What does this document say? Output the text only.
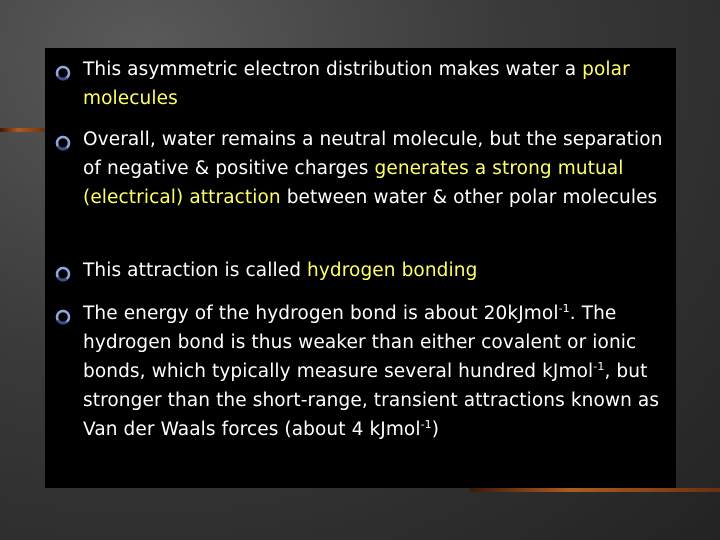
This asymmetric electron distribution makes water a polar molecules
Overall, water remains a neutral molecule, but the separation of negative & positive charges generates a strong mutual (electrical) attraction between water & other polar molecules
This attraction is called hydrogen bonding
The energy of the hydrogen bond is about 20kJmol$^{-1}$. The hydrogen bond is thus weaker than either covalent or ionic bonds, which typically measure several hundred kJmol$^{-1}$, but stronger than the short-range, transient attractions known as Van der Waals forces (about 4 kJmol$^{-1}$)
